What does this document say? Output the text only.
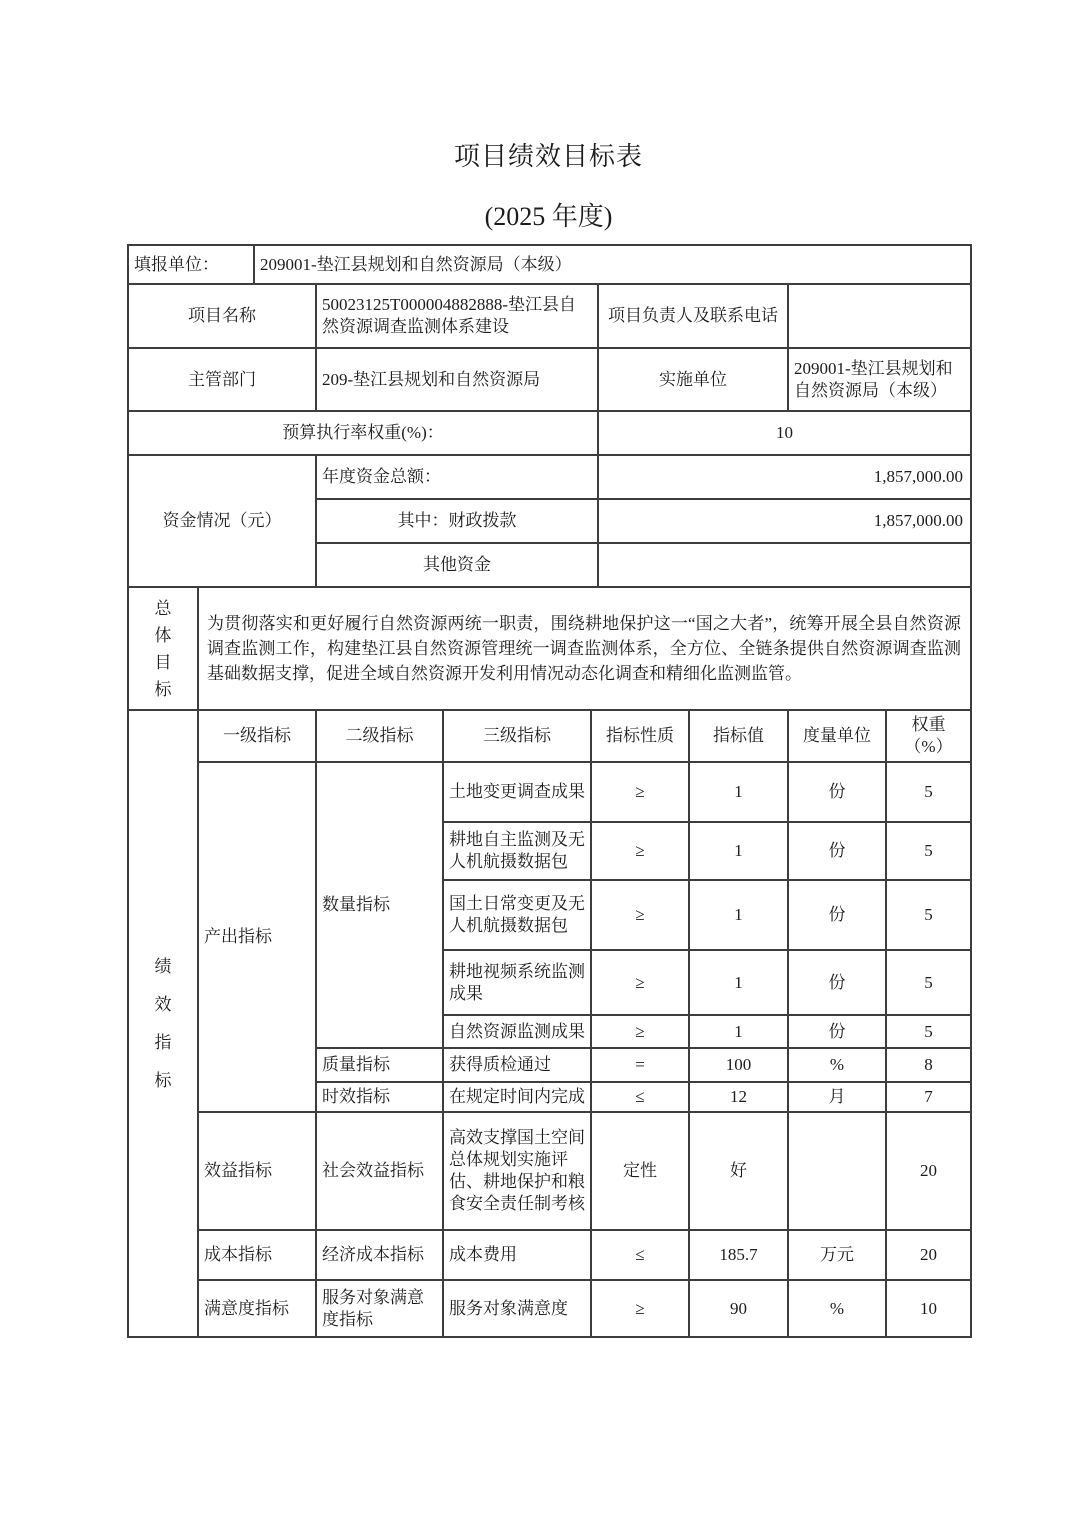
项目绩效目标表
(2025 年度)
填报单位：		209001-垫江县规划和自然资源局（本级）			
项目名称			50023125T000004882888-垫江县自然资源调查监测体系建设	项目负责人及联系电话	
主管部门			209-垫江县规划和自然资源局	实施单位	209001-垫江县规划和自然资源局（本级）
预算执行率权重(%)：				10	
资金情况（元）			年度资金总额：	1,857,000.00	
			其中：财政拨款	1,857,000.00	
			其他资金		
总体目标	为贯彻落实和更好履行自然资源两统一职责，围绕耕地保护这一“国之大者”，统筹开展全县自然资源调查监测工作，构建垫江县自然资源管理统一调查监测体系，全方位、全链条提供自然资源调查监测基础数据支撑，促进全域自然资源开发利用情况动态化调查和精细化监测监管。				
绩效指标	一级指标	二级指标	三级指标	指标性质	指标值	度量单位	权重（%）
	产出指标	数量指标	土地变更调查成果	≥	1	份	5
			耕地自主监测及无人机航摄数据包	≥	1	份	5
			国土日常变更及无人机航摄数据包	≥	1	份	5
			耕地视频系统监测成果	≥	1	份	5
			自然资源监测成果	≥	1	份	5
		质量指标	获得质检通过	=	100	%	8
		时效指标	在规定时间内完成	≤	12	月	7
	效益指标	社会效益指标	高效支撑国土空间总体规划实施评估、耕地保护和粮食安全责任制考核	定性	好		20
	成本指标	经济成本指标	成本费用	≤	185.7	万元	20
	满意度指标	服务对象满意度指标	服务对象满意度	≥	90	%	10
